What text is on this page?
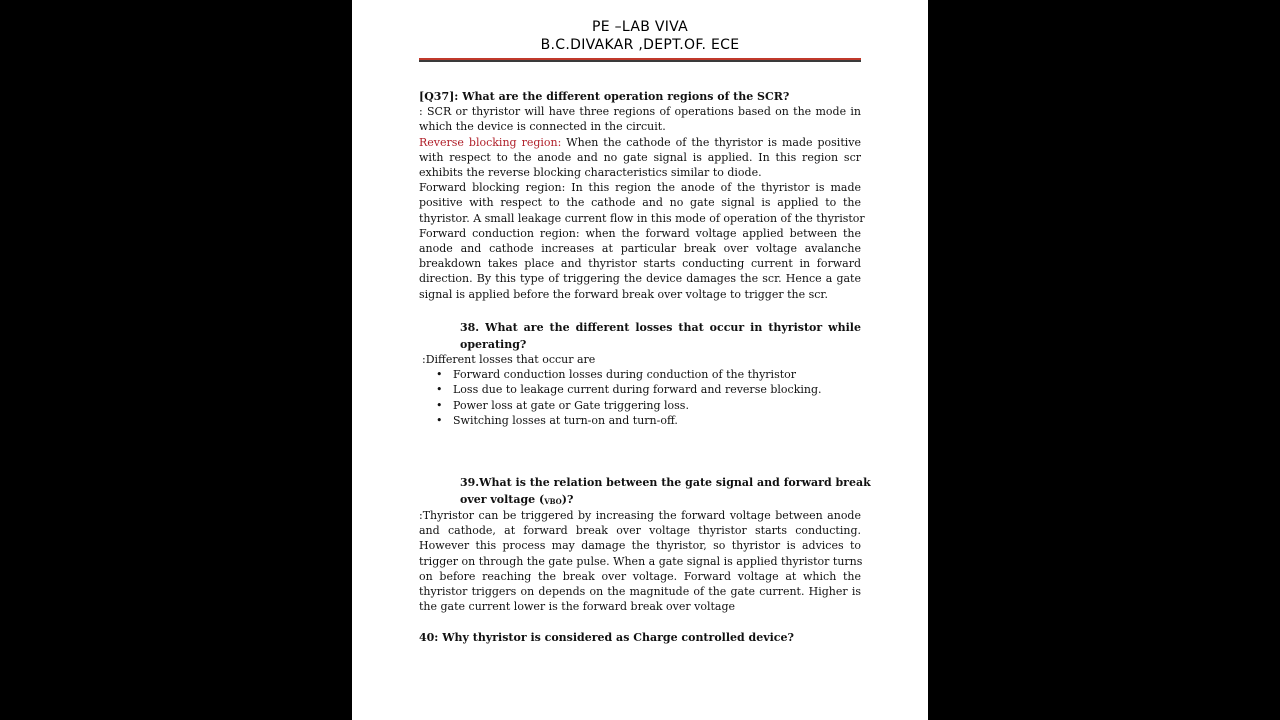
PE –LAB VIVA
B.C.DIVAKAR ,DEPT.OF. ECE
[Q37]: What are the different operation regions of the SCR?
: SCR or thyristor will have three regions of operations based on the mode in
which the device is connected in the circuit.
Reverse blocking region: When the cathode of the thyristor is made positive
with respect to the anode and no gate signal is applied. In this region scr
exhibits the reverse blocking characteristics similar to diode.
Forward blocking region: In this region the anode of the thyristor is made
positive with respect to the cathode and no gate signal is applied to the
thyristor. A small leakage current flow in this mode of operation of the thyristor
Forward conduction region: when the forward voltage applied between the
anode and cathode increases at particular break over voltage avalanche
breakdown takes place and thyristor starts conducting current in forward
direction. By this type of triggering the device damages the scr. Hence a gate
signal is applied before the forward break over voltage to trigger the scr.
38. What are the different losses that occur in thyristor while
operating?
:Different losses that occur are
• Forward conduction losses during conduction of the thyristor
• Loss due to leakage current during forward and reverse blocking.
• Power loss at gate or Gate triggering loss.
• Switching losses at turn-on and turn-off.
39.What is the relation between the gate signal and forward break
over voltage $(_{VBO})$?
:Thyristor can be triggered by increasing the forward voltage between anode
and cathode, at forward break over voltage thyristor starts conducting.
However this process may damage the thyristor, so thyristor is advices to
trigger on through the gate pulse. When a gate signal is applied thyristor turns
on before reaching the break over voltage. Forward voltage at which the
thyristor triggers on depends on the magnitude of the gate current. Higher is
the gate current lower is the forward break over voltage
40: Why thyristor is considered as Charge controlled device?
